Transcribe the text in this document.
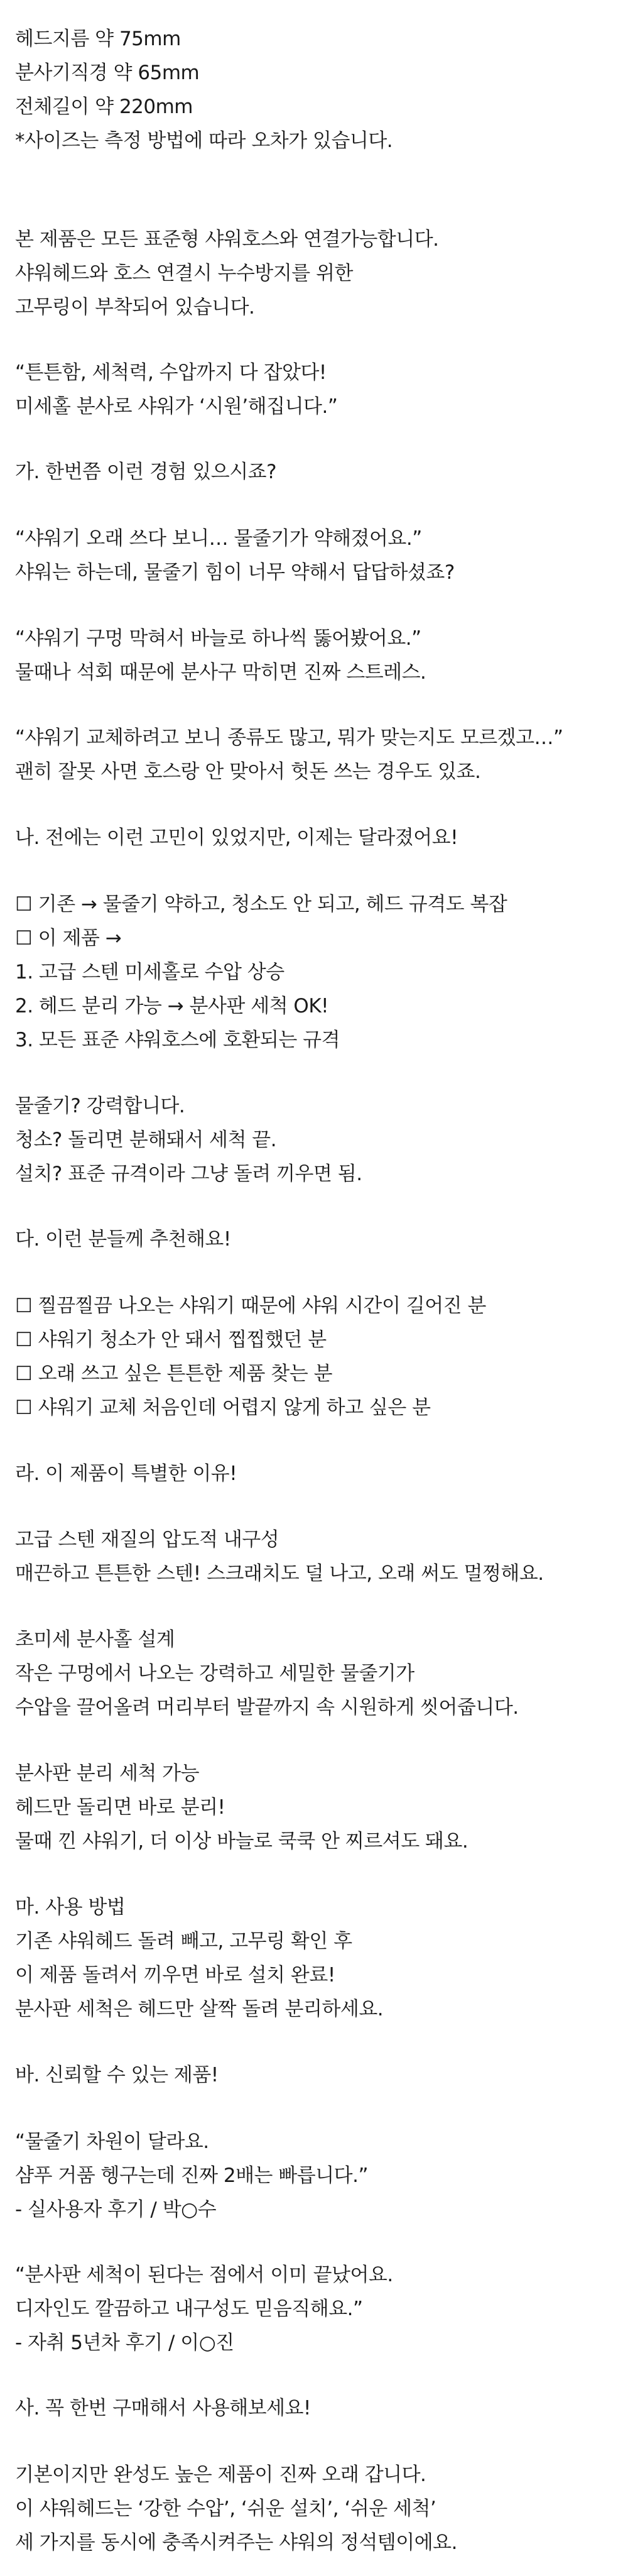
헤드지름 약 75mm
분사기직경 약 65mm
전체길이 약 220mm
*사이즈는 측정 방법에 따라 오차가 있습니다.
본 제품은 모든 표준형 샤워호스와 연결가능합니다.
샤워헤드와 호스 연결시 누수방지를 위한
고무링이 부착되어 있습니다.
“튼튼함, 세척력, 수압까지 다 잡았다!
미세홀 분사로 샤워가 ‘시원’해집니다.”
가. 한번쯤 이런 경험 있으시죠?
“샤워기 오래 쓰다 보니… 물줄기가 약해졌어요.”
샤워는 하는데, 물줄기 힘이 너무 약해서 답답하셨죠?
“샤워기 구멍 막혀서 바늘로 하나씩 뚫어봤어요.”
물때나 석회 때문에 분사구 막히면 진짜 스트레스.
“샤워기 교체하려고 보니 종류도 많고, 뭐가 맞는지도 모르겠고…”
괜히 잘못 사면 호스랑 안 맞아서 헛돈 쓰는 경우도 있죠.
나. 전에는 이런 고민이 있었지만, 이제는 달라졌어요!
☐ 기존 → 물줄기 약하고, 청소도 안 되고, 헤드 규격도 복잡
☐ 이 제품 →
1. 고급 스텐 미세홀로 수압 상승
2. 헤드 분리 가능 → 분사판 세척 OK!
3. 모든 표준 샤워호스에 호환되는 규격
물줄기? 강력합니다.
청소? 돌리면 분해돼서 세척 끝.
설치? 표준 규격이라 그냥 돌려 끼우면 됨.
다. 이런 분들께 추천해요!
☐ 찔끔찔끔 나오는 샤워기 때문에 샤워 시간이 길어진 분
☐ 샤워기 청소가 안 돼서 찝찝했던 분
☐ 오래 쓰고 싶은 튼튼한 제품 찾는 분
☐ 샤워기 교체 처음인데 어렵지 않게 하고 싶은 분
라. 이 제품이 특별한 이유!
고급 스텐 재질의 압도적 내구성
매끈하고 튼튼한 스텐! 스크래치도 덜 나고, 오래 써도 멀쩡해요.
초미세 분사홀 설계
작은 구멍에서 나오는 강력하고 세밀한 물줄기가
수압을 끌어올려 머리부터 발끝까지 속 시원하게 씻어줍니다.
분사판 분리 세척 가능
헤드만 돌리면 바로 분리!
물때 낀 샤워기, 더 이상 바늘로 쿡쿡 안 찌르셔도 돼요.
마. 사용 방법
기존 샤워헤드 돌려 빼고, 고무링 확인 후
이 제품 돌려서 끼우면 바로 설치 완료!
분사판 세척은 헤드만 살짝 돌려 분리하세요.
바. 신뢰할 수 있는 제품!
“물줄기 차원이 달라요.
샴푸 거품 헹구는데 진짜 2배는 빠릅니다.”
- 실사용자 후기 / 박○수
“분사판 세척이 된다는 점에서 이미 끝났어요.
디자인도 깔끔하고 내구성도 믿음직해요.”
- 자취 5년차 후기 / 이○진
사. 꼭 한번 구매해서 사용해보세요!
기본이지만 완성도 높은 제품이 진짜 오래 갑니다.
이 샤워헤드는 ‘강한 수압’, ‘쉬운 설치’, ‘쉬운 세척’
세 가지를 동시에 충족시켜주는 샤워의 정석템이에요.
